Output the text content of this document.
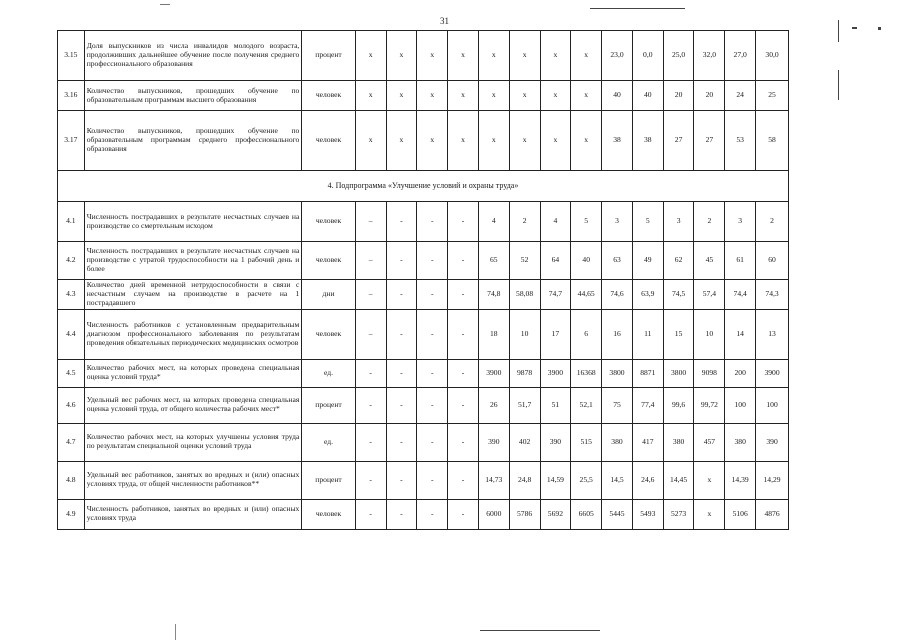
31
3.15	Доля выпускников из числа инвалидов молодого возраста, продолживших дальнейшее обучение после получения среднего профессионального образования	процент	х	х	х	х	х	х	х	х	23,0	0,0	25,0	32,0	27,0	30,0
3.16	Количество выпускников, прошедших обучение по образовательным программам высшего образования	человек	х	х	х	х	х	х	х	х	40	40	20	20	24	25
3.17	Количество выпускников, прошедших обучение по образовательным программам среднего профессионального образования	человек	х	х	х	х	х	х	х	х	38	38	27	27	53	58
4. Подпрограмма «Улучшение условий и охраны труда»																
4.1	Численность пострадавших в результате несчастных случаев на производстве со смертельным исходом	человек	–	-	-	-	4	2	4	5	3	5	3	2	3	2
4.2	Численность пострадавших в результате несчастных случаев на производстве с утратой трудоспособности на 1 рабочий день и более	человек	–	-	-	-	65	52	64	40	63	49	62	45	61	60
4.3	Количество дней временной нетрудоспособности в связи с несчастным случаем на производстве в расчете на 1 пострадавшего	дни	–	-	-	-	74,8	58,08	74,7	44,65	74,6	63,9	74,5	57,4	74,4	74,3
4.4	Численность работников с установленным предварительным диагнозом профессионального заболевания по результатам проведения обязательных периодических медицинских осмотров	человек	–	-	-	-	18	10	17	6	16	11	15	10	14	13
4.5	Количество рабочих мест, на которых проведена специальная оценка условий труда*	ед.	-	-	-	-	3900	9878	3900	16368	3800	8871	3800	9098	200	3900
4.6	Удельный вес рабочих мест, на которых проведена специальная оценка условий труда, от общего количества рабочих мест*	процент	-	-	-	-	26	51,7	51	52,1	75	77,4	99,6	99,72	100	100
4.7	Количество рабочих мест, на которых улучшены условия труда по результатам специальной оценки условий труда	ед.	-	-	-	-	390	402	390	515	380	417	380	457	380	390
4.8	Удельный вес работников, занятых во вредных и (или) опасных условиях труда, от общей численности работников**	процент	-	-	-	-	14,73	24,8	14,59	25,5	14,5	24,6	14,45	х	14,39	14,29
4.9	Численность работников, занятых во вредных и (или) опасных условиях труда	человек	-	-	-	-	6000	5786	5692	6605	5445	5493	5273	х	5106	4876
